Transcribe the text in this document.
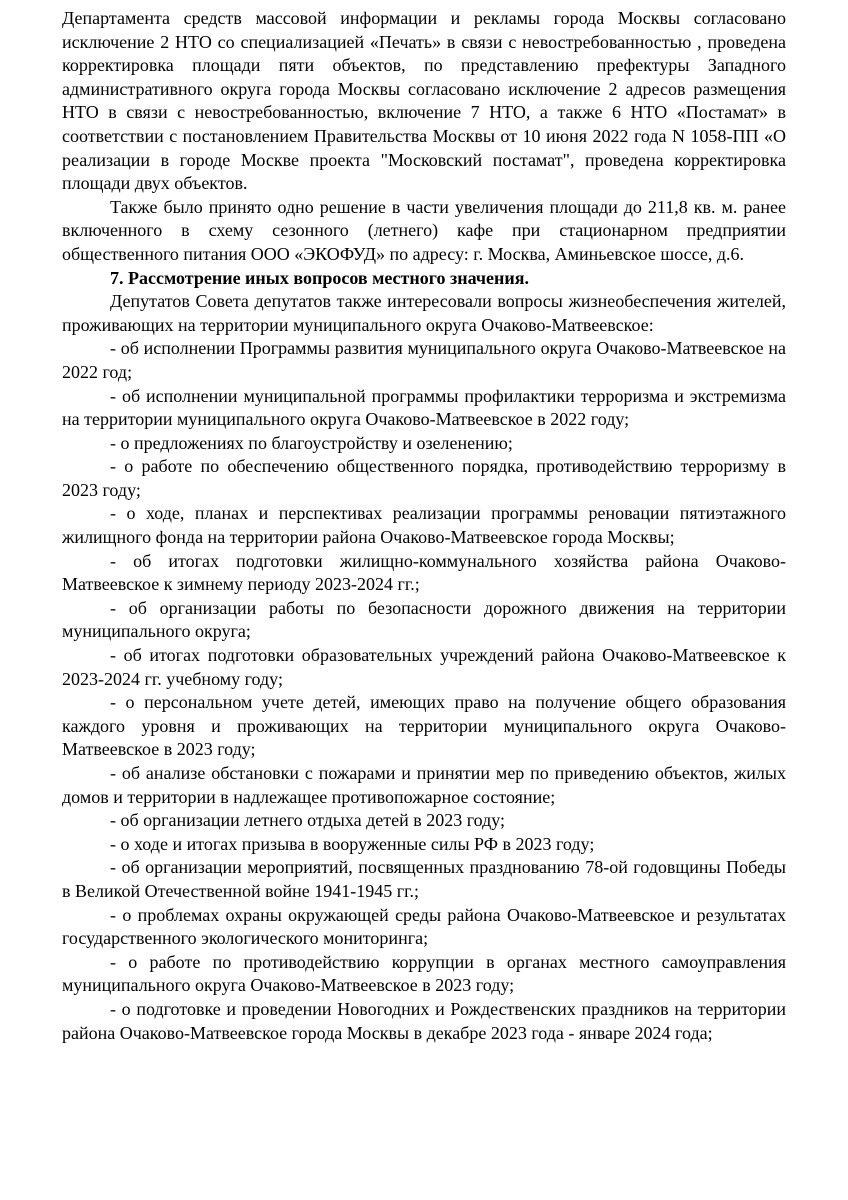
Департамента средств массовой информации и рекламы города Москвы согласовано исключение 2 НТО со специализацией «Печать» в связи с невостребованностью , проведена корректировка площади пяти объектов, по представлению префектуры Западного административного округа города Москвы согласовано исключение 2 адресов размещения НТО в связи с невостребованностью, включение 7 НТО, а также 6 НТО «Постамат» в соответствии с постановлением Правительства Москвы от 10 июня 2022 года N 1058-ПП «О реализации в городе Москве проекта "Московский постамат", проведена корректировка площади двух объектов.

Также было принято одно решение в части увеличения площади до 211,8 кв. м. ранее включенного в схему сезонного (летнего) кафе при стационарном предприятии общественного питания ООО «ЭКОФУД» по адресу: г. Москва, Аминьевское шоссе, д.6.

7. Рассмотрение иных вопросов местного значения.

Депутатов Совета депутатов также интересовали вопросы жизнеобеспечения жителей, проживающих на территории муниципального округа Очаково-Матвеевское:

- об исполнении Программы развития муниципального округа Очаково-Матвеевское на 2022 год;

- об исполнении муниципальной программы профилактики терроризма и экстремизма на территории муниципального округа Очаково-Матвеевское в 2022 году;

- о предложениях по благоустройству и озеленению;

- о работе по обеспечению общественного порядка, противодействию терроризму в 2023 году;

- о ходе, планах и перспективах реализации программы реновации пятиэтажного жилищного фонда на территории района Очаково-Матвеевское города Москвы;

- об итогах подготовки жилищно-коммунального хозяйства района Очаково-Матвеевское к зимнему периоду 2023-2024 гг.;

- об организации работы по безопасности дорожного движения на территории муниципального округа;

- об итогах подготовки образовательных учреждений района Очаково-Матвеевское к 2023-2024 гг. учебному году;

- о персональном учете детей, имеющих право на получение общего образования каждого уровня и проживающих на территории муниципального округа Очаково-Матвеевское в 2023 году;

- об анализе обстановки с пожарами и принятии мер по приведению объектов, жилых домов и территории в надлежащее противопожарное состояние;

- об организации летнего отдыха детей в 2023 году;

- о ходе и итогах призыва в вооруженные силы РФ в 2023 году;

- об организации мероприятий, посвященных празднованию 78-ой годовщины Победы в Великой Отечественной войне 1941-1945 гг.;

- о проблемах охраны окружающей среды района Очаково-Матвеевское и результатах государственного экологического мониторинга;

- о работе по противодействию коррупции в органах местного самоуправления муниципального округа Очаково-Матвеевское в 2023 году;

- о подготовке и проведении Новогодних и Рождественских праздников на территории района Очаково-Матвеевское города Москвы в декабре 2023 года - январе 2024 года;
